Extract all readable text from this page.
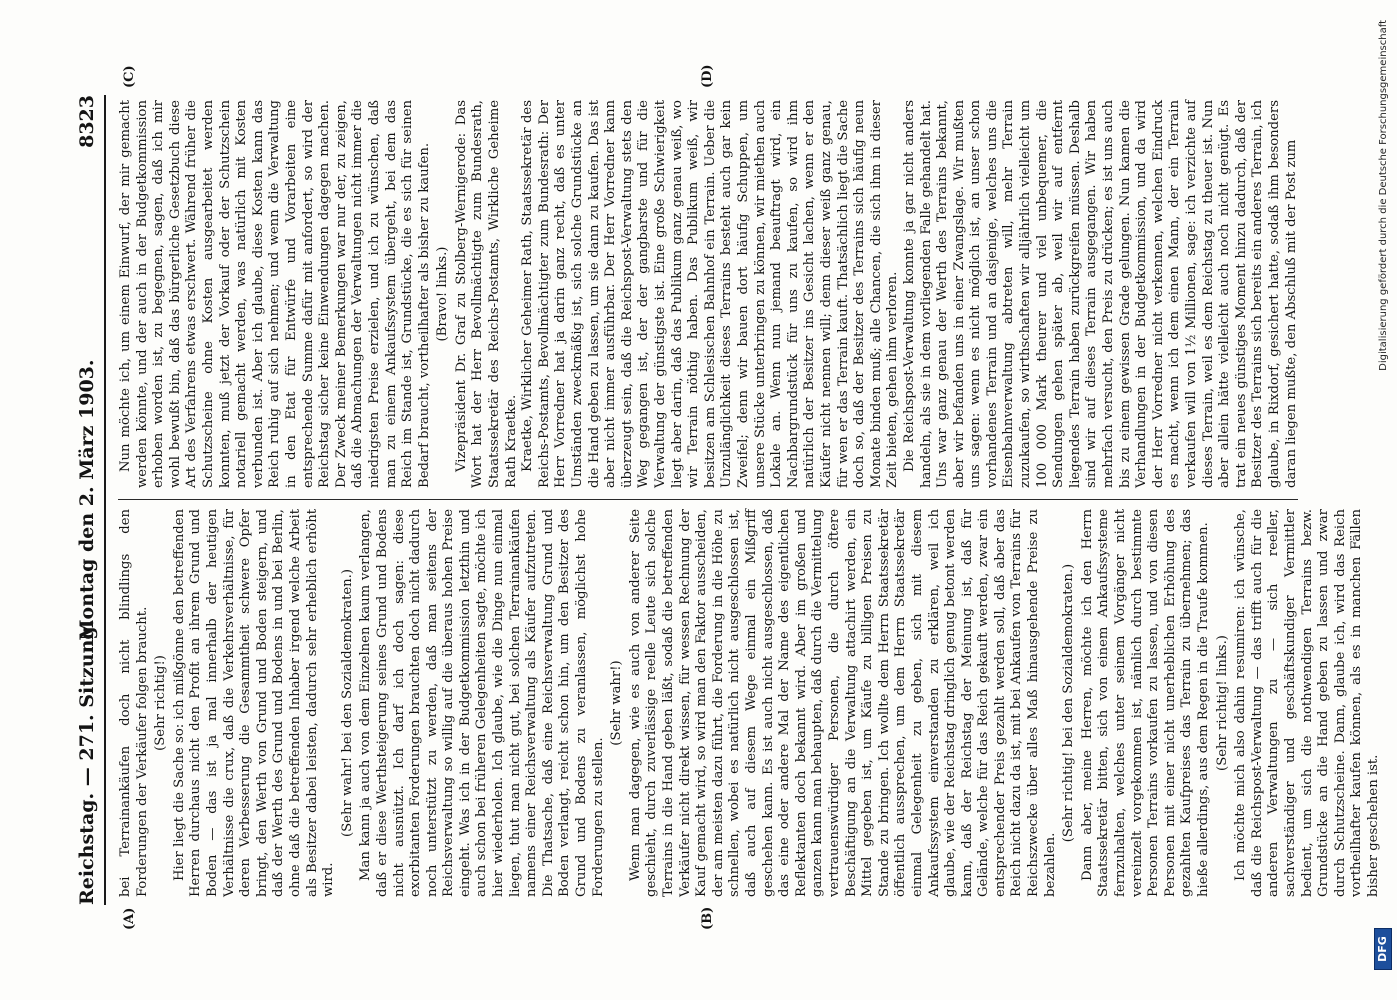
Reichstag. — 271. Sitzung.
Montag den 2. März 1903.
8323
(A)	(B)
(C)	(D)

bei Terrainankäufen doch nicht blindlings den Forderungen der Verkäufer folgen braucht. (Sehr richtig!) Hier liegt die Sache so: ich mißgönne den betreffenden Herren durchaus nicht den Profit an ihrem Grund und Boden — das ist ja mal innerhalb der heutigen Verhältnisse die crux, daß die Verkehrsverhältnisse, für deren Verbesserung die Gesammtheit schwere Opfer bringt, den Werth von Grund und Boden steigern, und daß der Werth des Grund und Bodens in und bei Berlin, ohne daß die betreffenden Inhaber irgend welche Arbeit als Besitzer dabei leisten, dadurch sehr erheblich erhöht wird.

(Sehr wahr! bei den Sozialdemokraten.) Man kann ja auch von dem Einzelnen kaum verlangen, daß er diese Werthsteigerung seines Grund und Bodens nicht ausnützt. Ich darf ich doch sagen: diese exorbitanten Forderungen brauchten doch nicht dadurch noch unterstützt zu werden, daß man seitens der Reichsverwaltung so willig auf die überaus hohen Preise eingeht. Was ich in der Budgetkommission letzthin und auch schon bei früheren Gelegenheiten sagte, möchte ich hier wiederholen. Ich glaube, wie die Dinge nun einmal liegen, thut man nicht gut, bei solchen Terrainankäufen namens einer Reichsverwaltung als Käufer aufzutreten. Die Thatsache, daß eine Reichsverwaltung Grund und Boden verlangt, reicht schon hin, um den Besitzer des Grund und Bodens zu veranlassen, möglichst hohe Forderungen zu stellen.

(Sehr wahr!) Wenn man dagegen, wie es auch von anderer Seite geschieht, durch zuverlässige reelle Leute sich solche Terrains in die Hand geben läßt, sodaß die betreffenden Verkäufer nicht direkt wissen, für wessen Rechnung der Kauf gemacht wird, so wird man den Faktor ausscheiden, der am meisten dazu führt, die Forderung in die Höhe zu schnellen, wobei es natürlich nicht ausgeschlossen ist, daß auch auf diesem Wege einmal ein Mißgriff geschehen kann. Es ist auch nicht ausgeschlossen, daß das eine oder andere Mal der Name des eigentlichen Reflektanten doch bekannt wird. Aber im großen und ganzen kann man behaupten, daß durch die Vermittelung vertrauenswürdiger Personen, die durch öftere Beschäftigung an die Verwaltung attachirt werden, ein Mittel gegeben ist, um Käufe zu billigen Preisen zu Stande zu bringen. Ich wollte dem Herrn Staatssekretär öffentlich aussprechen, um dem Herrn Staatssekretär einmal Gelegenheit zu geben, sich mit diesem Ankaufssystem einverstanden zu erklären, weil ich glaube, wie der Reichstag dringlich genug betont werden kann, daß der Reichstag der Meinung ist, daß für Gelände, welche für das Reich gekauft werden, zwar ein entsprechender Preis gezahlt werden soll, daß aber das Reich nicht dazu da ist, mit bei Ankaufen von Terrains für Reichszwecke über alles Maß hinausgehende Preise zu bezahlen.

(Sehr richtig! bei den Sozialdemokraten.) Dann aber, meine Herren, möchte ich den Herrn Staatssekretär bitten, sich von einem Ankaufssysteme fernzuhalten, welches unter seinem Vorgänger nicht vereinzelt vorgekommen ist, nämlich durch bestimmte Personen Terrains vorkaufen zu lassen, und von diesen Personen mit einer nicht unerheblichen Erhöhung des gezahlten Kaufpreises das Terrain zu übernehmen; das hieße allerdings, aus dem Regen in die Traufe kommen. (Sehr richtig! links.) Ich möchte mich also dahin resumiren: ich wünsche, daß die Reichspost-Verwaltung — das trifft auch für die anderen Verwaltungen zu — sich reeller, sachverständiger und geschäftskundiger Vermittler bedient, um sich die nothwendigen Terrains bezw. Grundstücke an die Hand geben zu lassen und zwar durch Schutzscheine. Dann, glaube ich, wird das Reich vortheilhafter kaufen können, als es in manchen Fällen bisher geschehen ist.

Nun möchte ich, um einem Einwurf, der mir gemacht werden könnte, und der auch in der Budgetkommission erhoben worden ist, zu begegnen, sagen, daß ich mir wohl bewußt bin, daß das bürgerliche Gesetzbuch diese Art des Verfahrens etwas erschwert. Während früher die Schutzscheine ohne Kosten ausgearbeitet werden konnten, muß jetzt der Vorkauf oder der Schutzschein notariell gemacht werden, was natürlich mit Kosten verbunden ist. Aber ich glaube, diese Kosten kann das Reich ruhig auf sich nehmen; und wenn die Verwaltung in den Etat für Entwürfe und Vorarbeiten eine entsprechende Summe dafür mit anfordert, so wird der Reichstag sicher keine Einwendungen dagegen machen. Der Zweck meiner Bemerkungen war nur der, zu zeigen, daß die Abmachungen der Verwaltungen nicht immer die niedrigsten Preise erzielen, und ich zu wünschen, daß man zu einem Ankaufssystem übergeht, bei dem das Reich im Stande ist, Grundstücke, die es sich für seinen Bedarf braucht, vortheilhafter als bisher zu kaufen. (Bravo! links.) Vizepräsident Dr. Graf zu Stolberg-Wernigerode: Das Wort hat der Herr Bevollmächtigte zum Bundesrath, Staatssekretär des Reichs-Postamts, Wirkliche Geheime Rath Kraetke. Kraetke, Wirklicher Geheimer Rath, Staatssekretär des Reichs-Postamts, Bevollmächtigter zum Bundesrath: Der Herr Vorredner hat ja darin ganz recht, daß es unter Umständen zweckmäßig ist, sich solche Grundstücke an die Hand geben zu lassen, um sie dann zu kaufen. Das ist aber nicht immer ausführbar. Der Herr Vorredner kann überzeugt sein, daß die Reichspost-Verwaltung stets den Weg gegangen ist, der der gangbarste und für die Verwaltung der günstigste ist. Eine große Schwierigkeit liegt aber darin, daß das Publikum ganz genau weiß, wo wir Terrain nöthig haben. Das Publikum weiß, wir besitzen am Schlesischen Bahnhof ein Terrain. Ueber die Unzulänglichkeit dieses Terrains besteht auch gar kein Zweifel; denn wir bauen dort häufig Schuppen, um unsere Stücke unterbringen zu können, wir miethen auch Lokale an. Wenn nun jemand beauftragt wird, ein Nachbargrundstück für uns zu kaufen, so wird ihm natürlich der Besitzer ins Gesicht lachen, wenn er den Käufer nicht nennen will; denn dieser weiß ganz genau, für wen er das Terrain kauft. Thatsächlich liegt die Sache doch so, daß der Besitzer des Terrains sich häufig neun Monate binden muß; alle Chancen, die sich ihm in dieser Zeit bieten, gehen ihm verloren. Die Reichspost-Verwaltung konnte ja gar nicht anders handeln, als sie in dem vorliegenden Falle gehandelt hat. Uns war ganz genau der Werth des Terrains bekannt, aber wir befanden uns in einer Zwangslage. Wir mußten uns sagen: wenn es nicht möglich ist, an unser schon vorhandenes Terrain und an dasjenige, welches uns die Eisenbahnverwaltung abtreten will, mehr Terrain zuzukaufen, so wirthschaften wir alljährlich vielleicht um 100 000 Mark theurer und viel unbequemer, die Sendungen gehen später ab, weil wir auf entfernt liegendes Terrain haben zurückgreifen müssen. Deshalb sind wir auf dieses Terrain ausgegangen. Wir haben mehrfach versucht, den Preis zu drücken; es ist uns auch bis zu einem gewissen Grade gelungen. Nun kamen die Verhandlungen in der Budgetkommission, und da wird der Herr Vorredner nicht verkennen, welchen Eindruck es macht, wenn ich dem einen Mann, der ein Terrain verkaufen will von 1½ Millionen, sage: ich verzichte auf dieses Terrain, weil es dem Reichstag zu theuer ist. Nun aber allein hätte vielleicht auch noch nicht genügt. Es trat ein neues günstiges Moment hinzu dadurch, daß der Besitzer des Terrains sich bereits ein anderes Terrain, ich glaube, in Rixdorf, gesichert hatte, sodaß ihm besonders daran liegen mußte, den Abschluß mit der Post zum	Digitalisierung gefördert durch die Deutsche Forschungsgemeinschaft
DFG
